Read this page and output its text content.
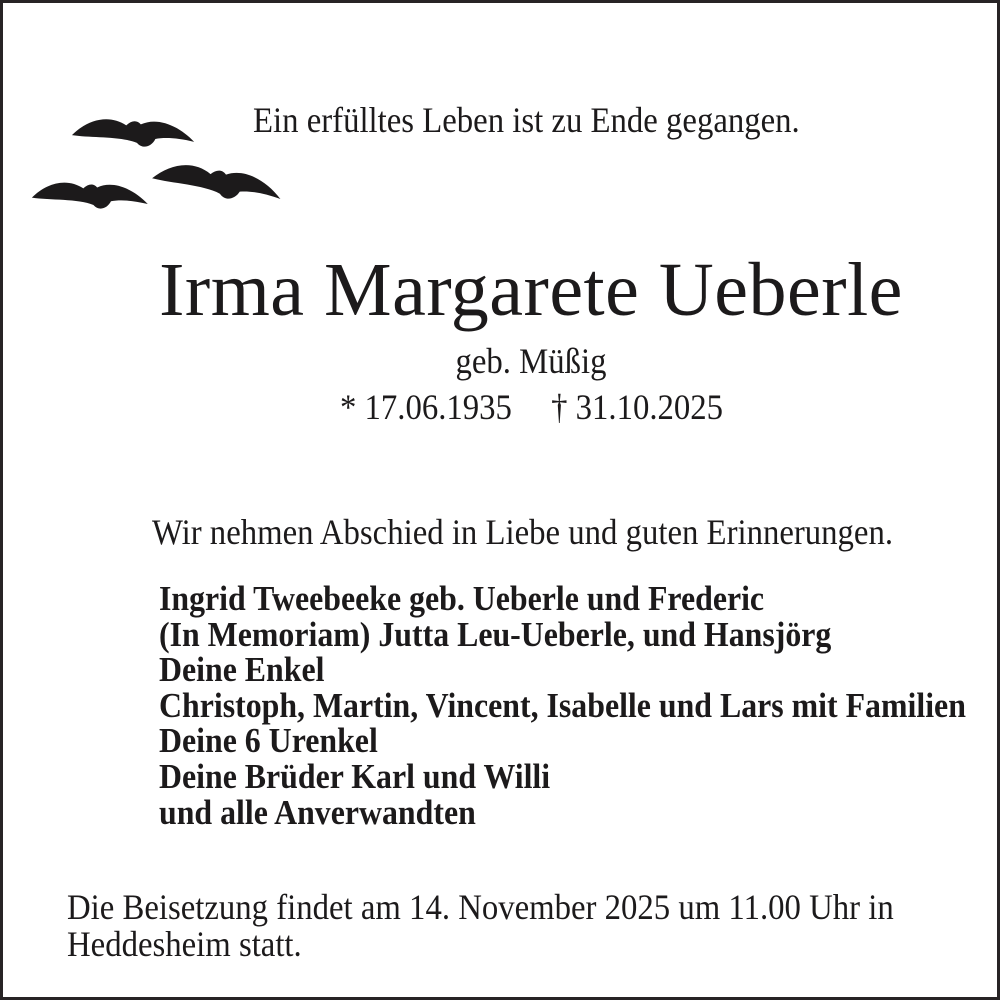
Ein erfülltes Leben ist zu Ende gegangen.
Irma Margarete Ueberle
geb. Müßig
* 17.06.1935 † 31.10.2025
Wir nehmen Abschied in Liebe und guten Erinnerungen.
Ingrid Tweebeeke geb. Ueberle und Frederic
(In Memoriam) Jutta Leu-Ueberle, und Hansjörg
Deine Enkel
Christoph, Martin, Vincent, Isabelle und Lars mit Familien
Deine 6 Urenkel
Deine Brüder Karl und Willi
und alle Anverwandten
Die Beisetzung findet am 14. November 2025 um 11.00 Uhr in
Heddesheim statt.
